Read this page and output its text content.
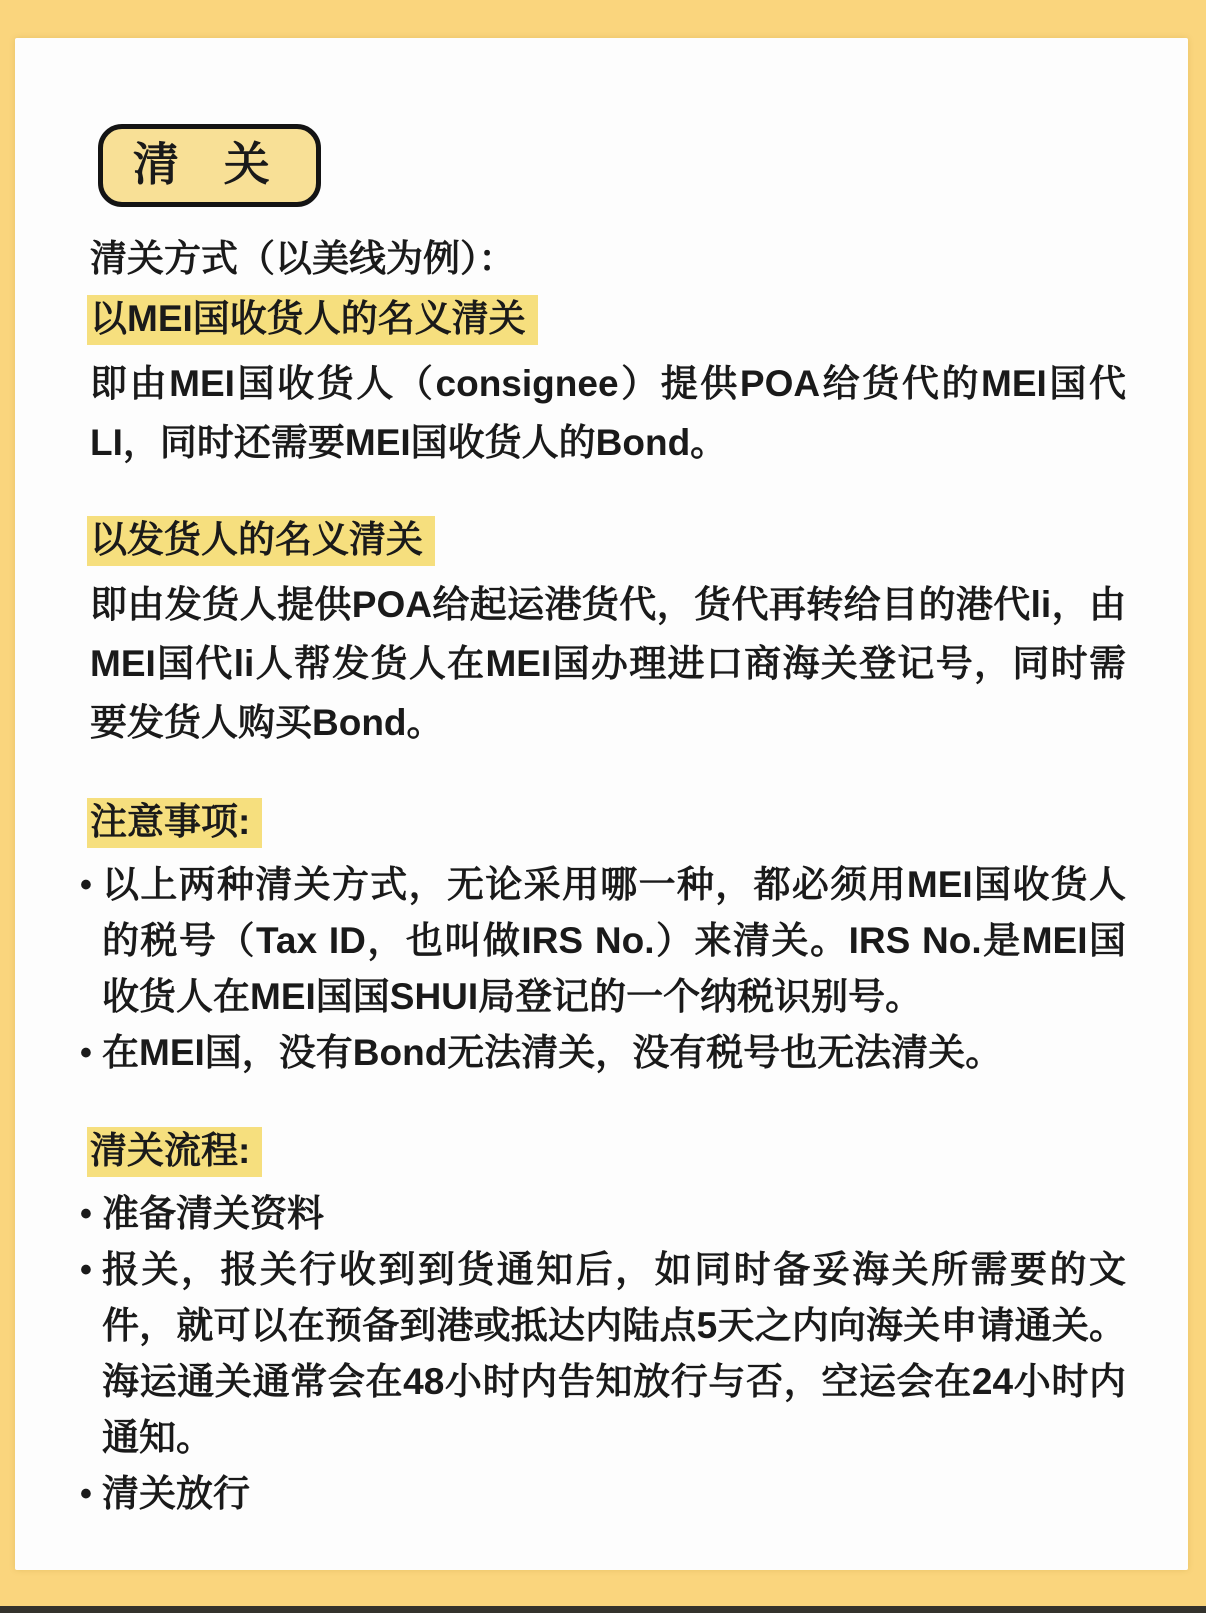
清 关
清关方式（以美线为例）：
以MEI国收货人的名义清关
即由MEI国收货人（consignee）提供POA给货代的MEI国代LI，同时还需要MEI国收货人的Bond。
以发货人的名义清关
即由发货人提供POA给起运港货代，货代再转给目的港代li，由MEI国代li人帮发货人在MEI国办理进口商海关登记号，同时需要发货人购买Bond。
注意事项:
• 以上两种清关方式，无论采用哪一种，都必须用MEI国收货人的税号（Tax ID，也叫做IRS No.）来清关。IRS No.是MEI国收货人在MEI国国SHUI局登记的一个纳税识别号。
• 在MEI国，没有Bond无法清关，没有税号也无法清关。
清关流程:
• 准备清关资料
• 报关，报关行收到到货通知后，如同时备妥海关所需要的文件，就可以在预备到港或抵达内陆点5天之内向海关申请通关。海运通关通常会在48小时内告知放行与否，空运会在24小时内通知。
• 清关放行
